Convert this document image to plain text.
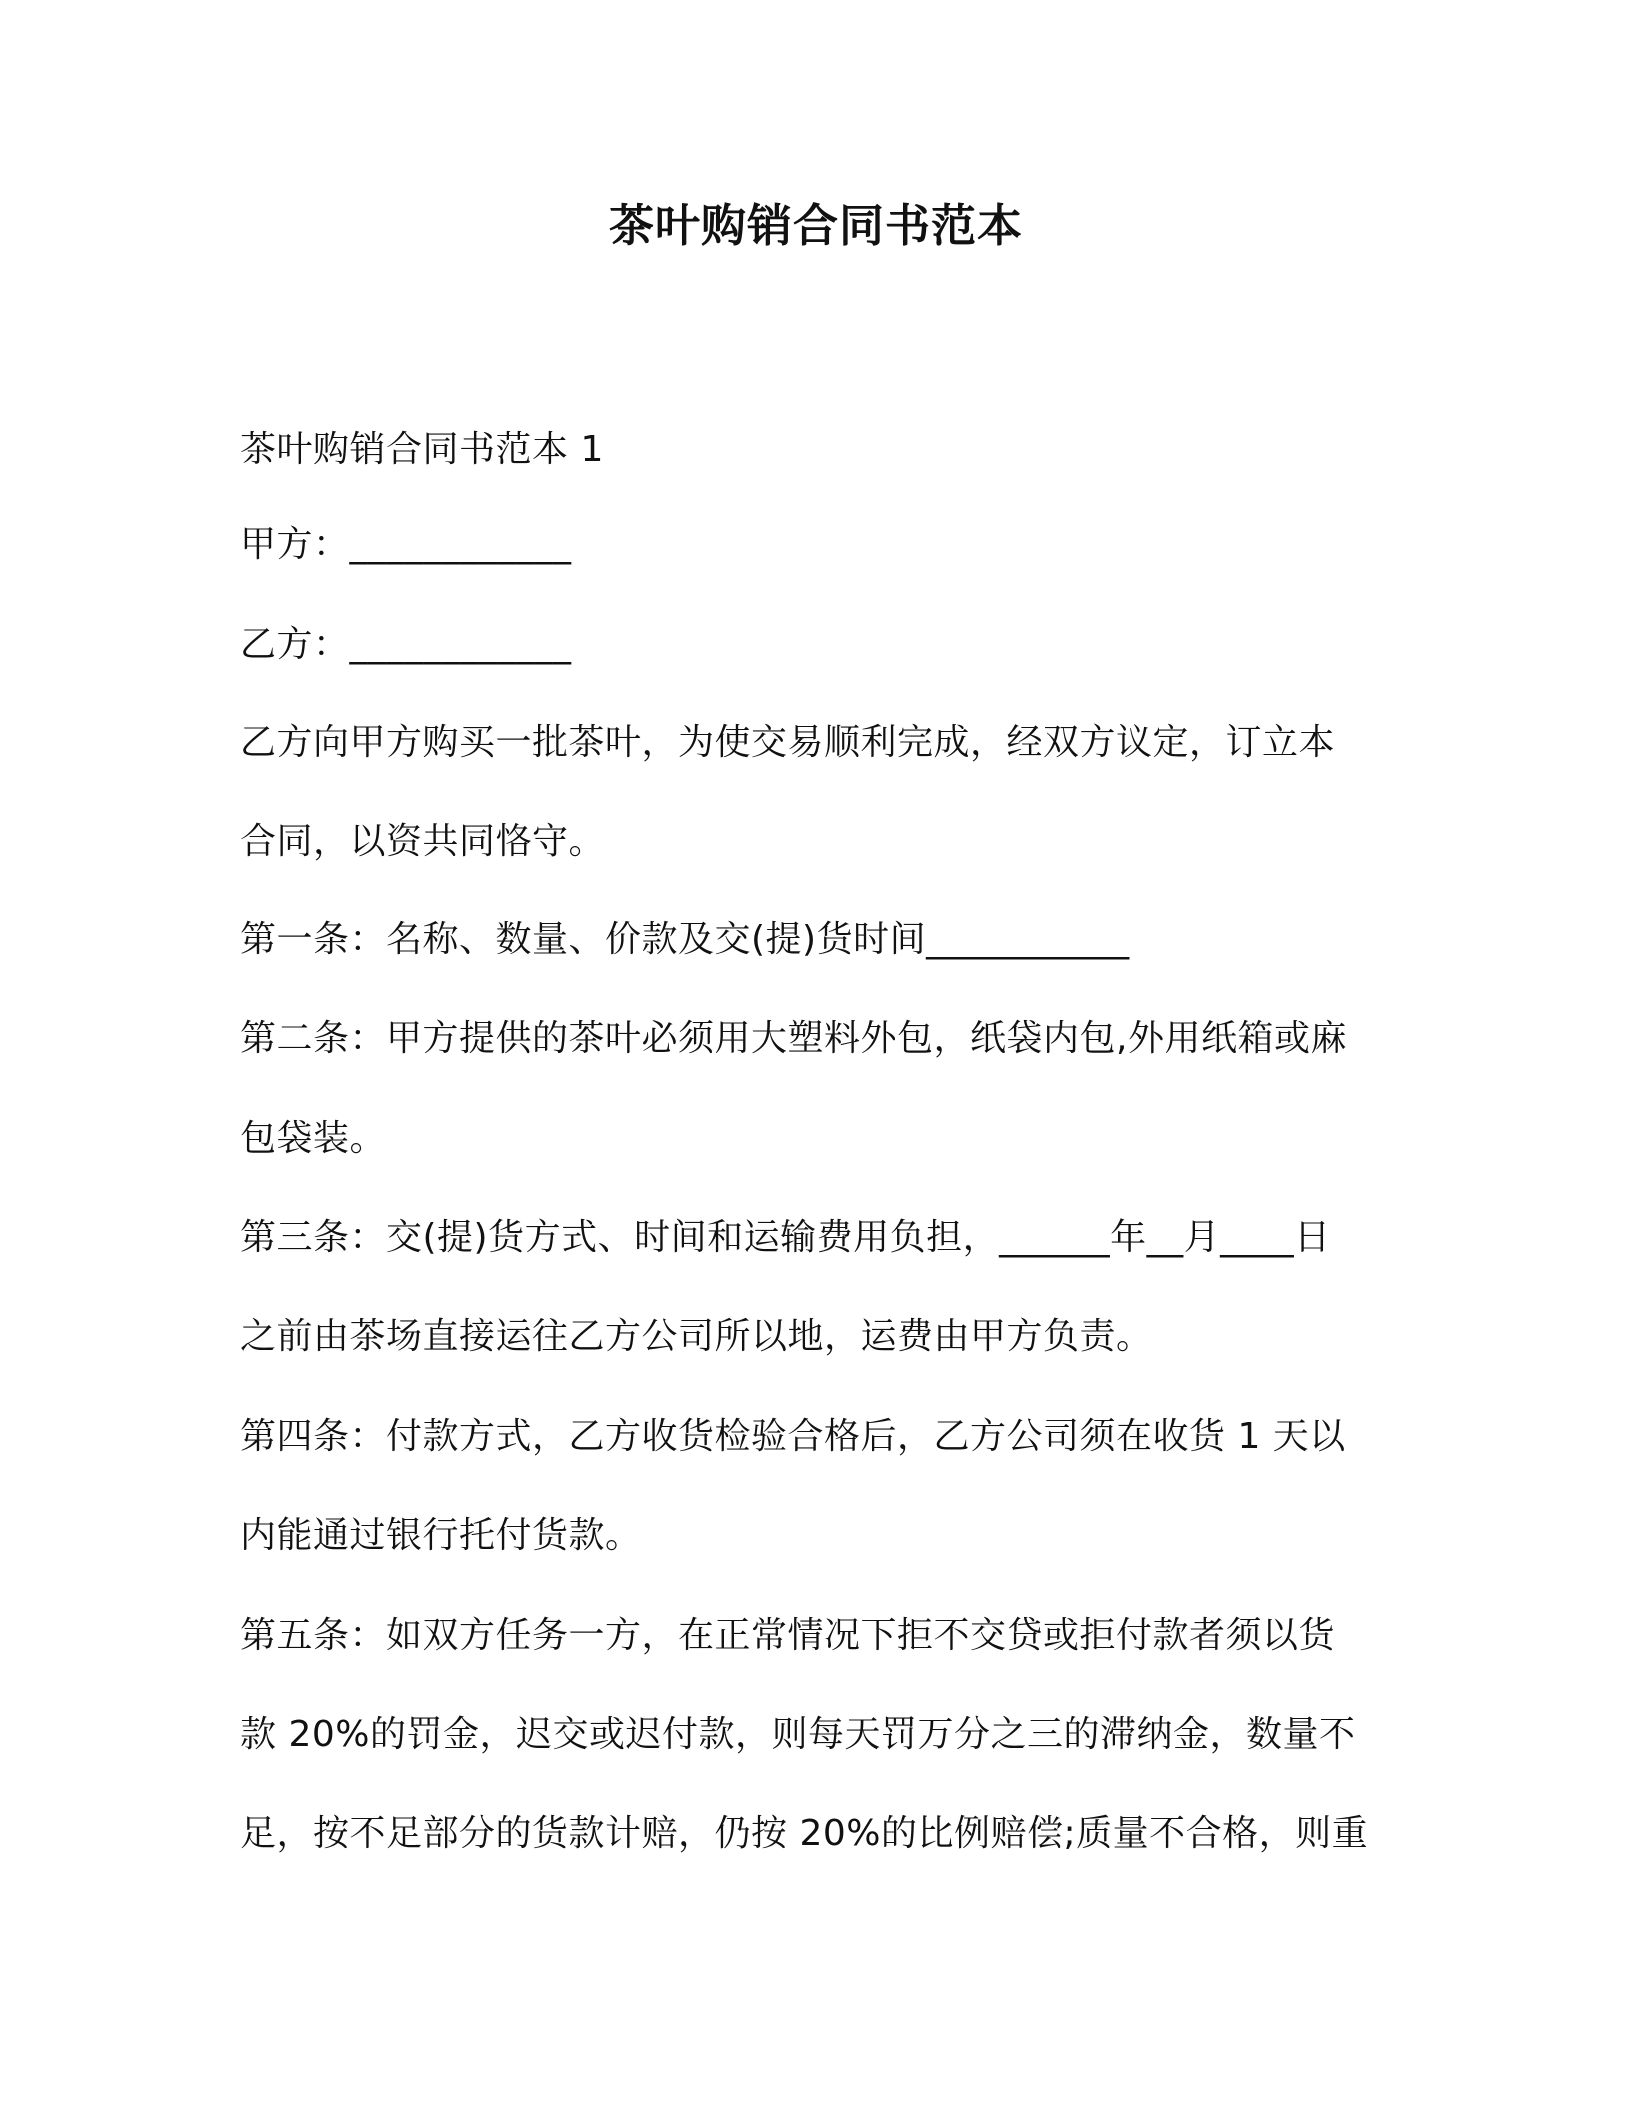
茶叶购销合同书范本

茶叶购销合同书范本 1

甲方：____________

乙方：____________

乙方向甲方购买一批茶叶，为使交易顺利完成，经双方议定，订立本

合同，以资共同恪守。

第一条：名称、数量、价款及交(提)货时间___________

第二条：甲方提供的茶叶必须用大塑料外包，纸袋内包,外用纸箱或麻

包袋装。

第三条：交(提)货方式、时间和运输费用负担，______年__月____日

之前由茶场直接运往乙方公司所以地，运费由甲方负责。

第四条：付款方式，乙方收货检验合格后，乙方公司须在收货 1 天以

内能通过银行托付货款。

第五条：如双方任务一方，在正常情况下拒不交贷或拒付款者须以货

款 20%的罚金，迟交或迟付款，则每天罚万分之三的滞纳金，数量不

足，按不足部分的货款计赔，仍按 20%的比例赔偿;质量不合格，则重
